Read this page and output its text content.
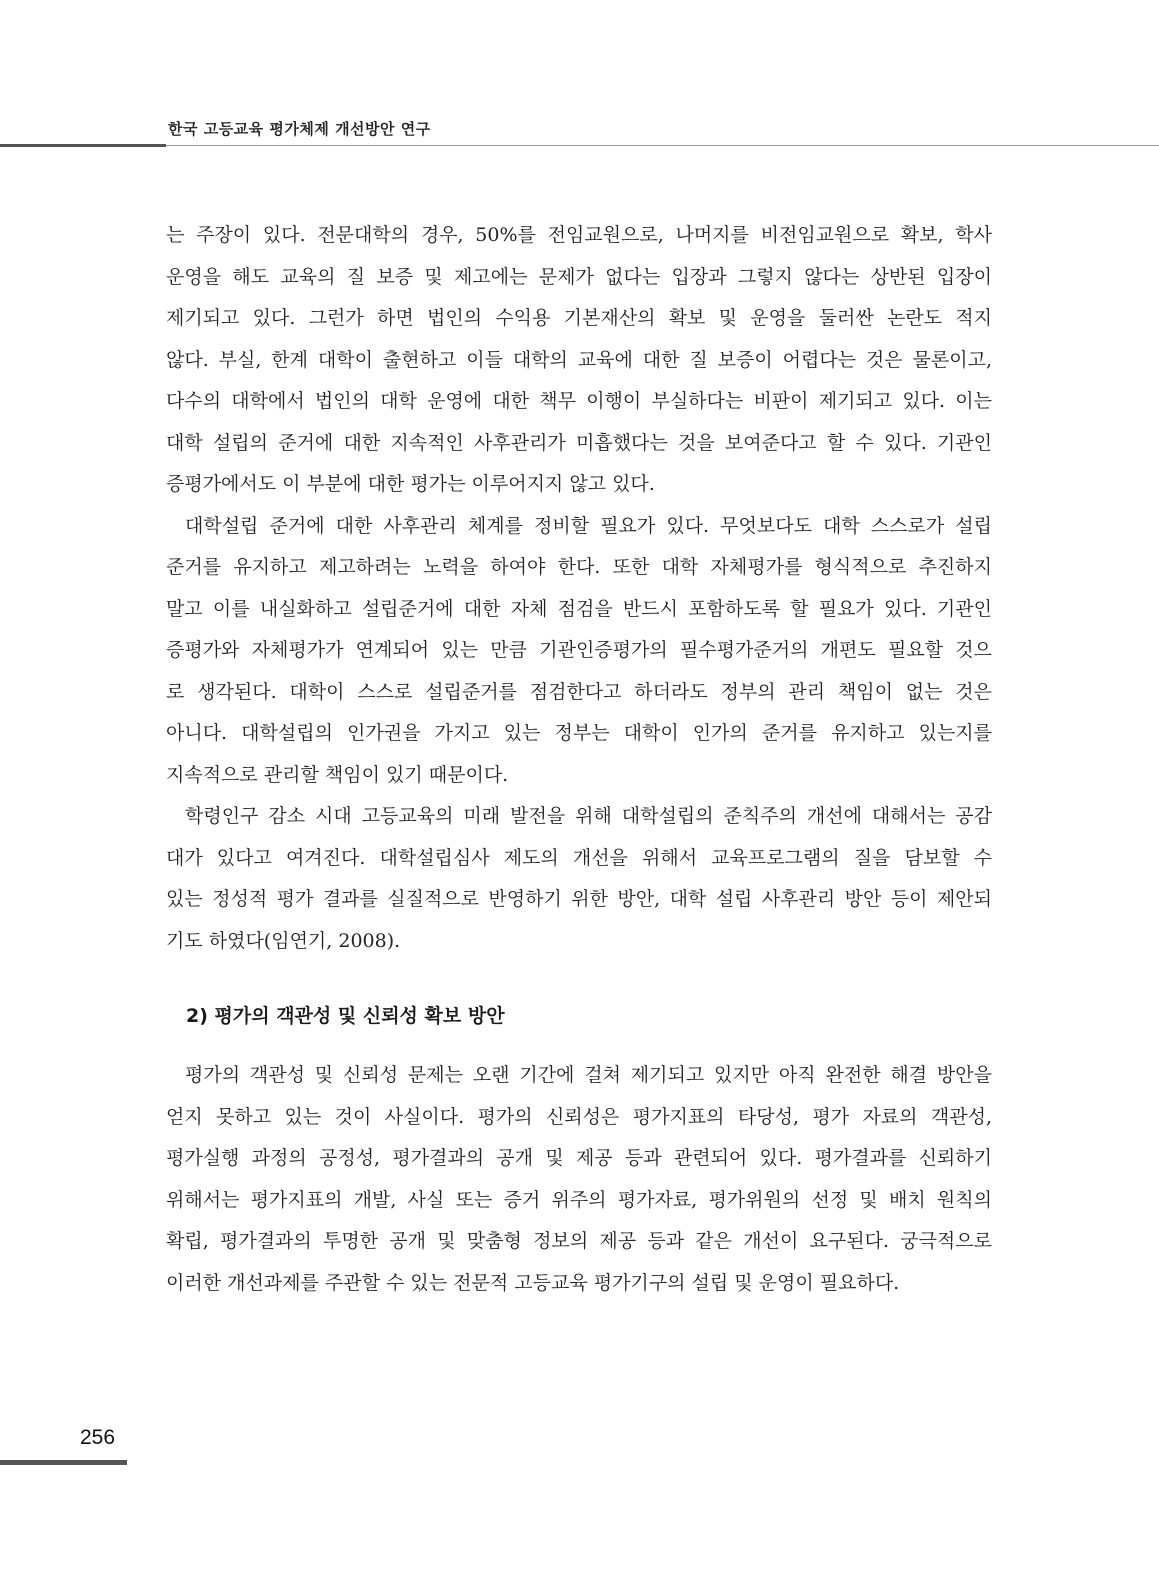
한국 고등교육 평가체제 개선방안 연구
는 주장이 있다. 전문대학의 경우, 50%를 전임교원으로, 나머지를 비전임교원으로 확보, 학사
운영을 해도 교육의 질 보증 및 제고에는 문제가 없다는 입장과 그렇지 않다는 상반된 입장이
제기되고 있다. 그런가 하면 법인의 수익용 기본재산의 확보 및 운영을 둘러싼 논란도 적지
않다. 부실, 한계 대학이 출현하고 이들 대학의 교육에 대한 질 보증이 어렵다는 것은 물론이고,
다수의 대학에서 법인의 대학 운영에 대한 책무 이행이 부실하다는 비판이 제기되고 있다. 이는
대학 설립의 준거에 대한 지속적인 사후관리가 미흡했다는 것을 보여준다고 할 수 있다. 기관인
증평가에서도 이 부분에 대한 평가는 이루어지지 않고 있다.
대학설립 준거에 대한 사후관리 체계를 정비할 필요가 있다. 무엇보다도 대학 스스로가 설립
준거를 유지하고 제고하려는 노력을 하여야 한다. 또한 대학 자체평가를 형식적으로 추진하지
말고 이를 내실화하고 설립준거에 대한 자체 점검을 반드시 포함하도록 할 필요가 있다. 기관인
증평가와 자체평가가 연계되어 있는 만큼 기관인증평가의 필수평가준거의 개편도 필요할 것으
로 생각된다. 대학이 스스로 설립준거를 점검한다고 하더라도 정부의 관리 책임이 없는 것은
아니다. 대학설립의 인가권을 가지고 있는 정부는 대학이 인가의 준거를 유지하고 있는지를
지속적으로 관리할 책임이 있기 때문이다.
학령인구 감소 시대 고등교육의 미래 발전을 위해 대학설립의 준칙주의 개선에 대해서는 공감
대가 있다고 여겨진다. 대학설립심사 제도의 개선을 위해서 교육프로그램의 질을 담보할 수
있는 정성적 평가 결과를 실질적으로 반영하기 위한 방안, 대학 설립 사후관리 방안 등이 제안되
기도 하였다(임연기, 2008).
2) 평가의 객관성 및 신뢰성 확보 방안
평가의 객관성 및 신뢰성 문제는 오랜 기간에 걸쳐 제기되고 있지만 아직 완전한 해결 방안을
얻지 못하고 있는 것이 사실이다. 평가의 신뢰성은 평가지표의 타당성, 평가 자료의 객관성,
평가실행 과정의 공정성, 평가결과의 공개 및 제공 등과 관련되어 있다. 평가결과를 신뢰하기
위해서는 평가지표의 개발, 사실 또는 증거 위주의 평가자료, 평가위원의 선정 및 배치 원칙의
확립, 평가결과의 투명한 공개 및 맞춤형 정보의 제공 등과 같은 개선이 요구된다. 궁극적으로
이러한 개선과제를 주관할 수 있는 전문적 고등교육 평가기구의 설립 및 운영이 필요하다.
256
